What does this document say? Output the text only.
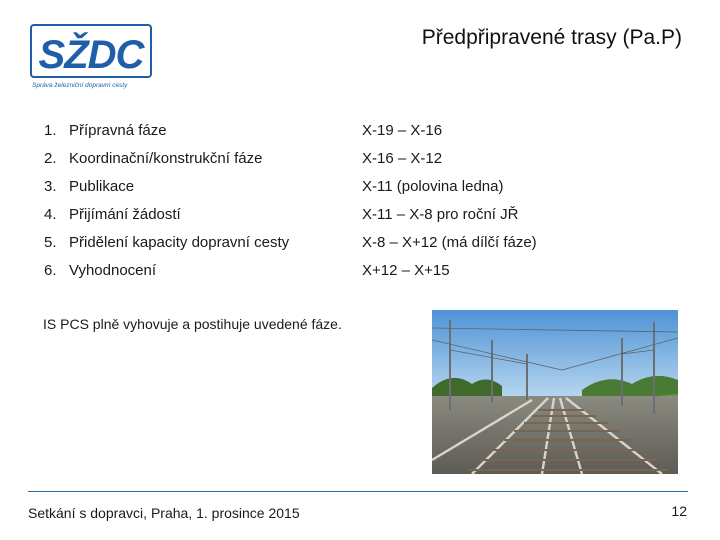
SŽDC
Správa železniční dopravní cesty
Předpřipravené trasy (Pa.P)
1. Přípravná fáze	X-19 – X-16
2. Koordinační/konstrukční fáze	X-16 – X-12
3. Publikace	X-11 (polovina ledna)
4. Přijímání žádostí	X-11 – X-8 pro roční JŘ
5. Přidělení kapacity dopravní cesty	X-8 – X+12 (má dílčí fáze)
6. Vyhodnocení	X+12 – X+15
IS PCS plně vyhovuje a postihuje uvedené fáze.
Setkání s dopravci, Praha, 1. prosince 2015	12
